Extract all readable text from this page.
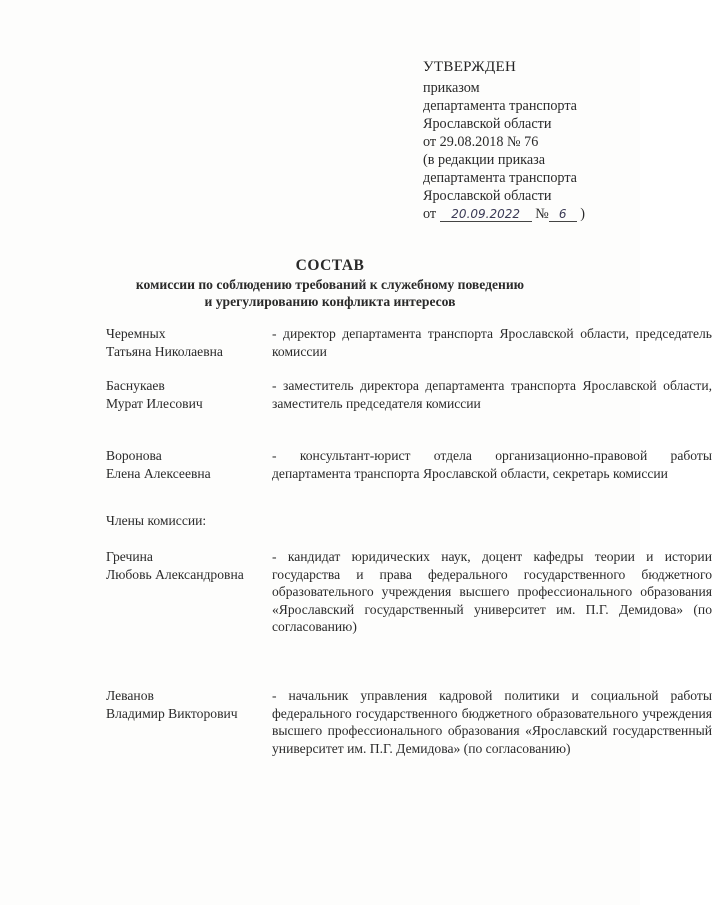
УТВЕРЖДЕН
приказом
департамента транспорта
Ярославской области
от 29.08.2018 № 76
(в редакции приказа
департамента транспорта
Ярославской области
от 20.09.2022 № 6 )
СОСТАВ
комиссии по соблюдению требований к служебному поведению
и урегулированию конфликта интересов
Черемных
Татьяна Николаевна
- директор департамента транспорта Ярославской области, председатель комиссии
Баснукаев
Мурат Илесович
- заместитель директора департамента транспорта Ярославской области, заместитель председателя комиссии
Воронова
Елена Алексеевна
- консультант-юрист отдела организационно-правовой работы департамента транспорта Ярославской области, секретарь комиссии
Члены комиссии:
Гречина
Любовь Александровна
- кандидат юридических наук, доцент кафедры теории и истории государства и права федерального государственного бюджетного образовательного учреждения высшего профессионального образования «Ярославский государственный университет им. П.Г. Демидова» (по согласованию)
Леванов
Владимир Викторович
- начальник управления кадровой политики и социальной работы федерального государственного бюджетного образовательного учреждения высшего профессионального образования «Ярославский государственный университет им. П.Г. Демидова» (по согласованию)
